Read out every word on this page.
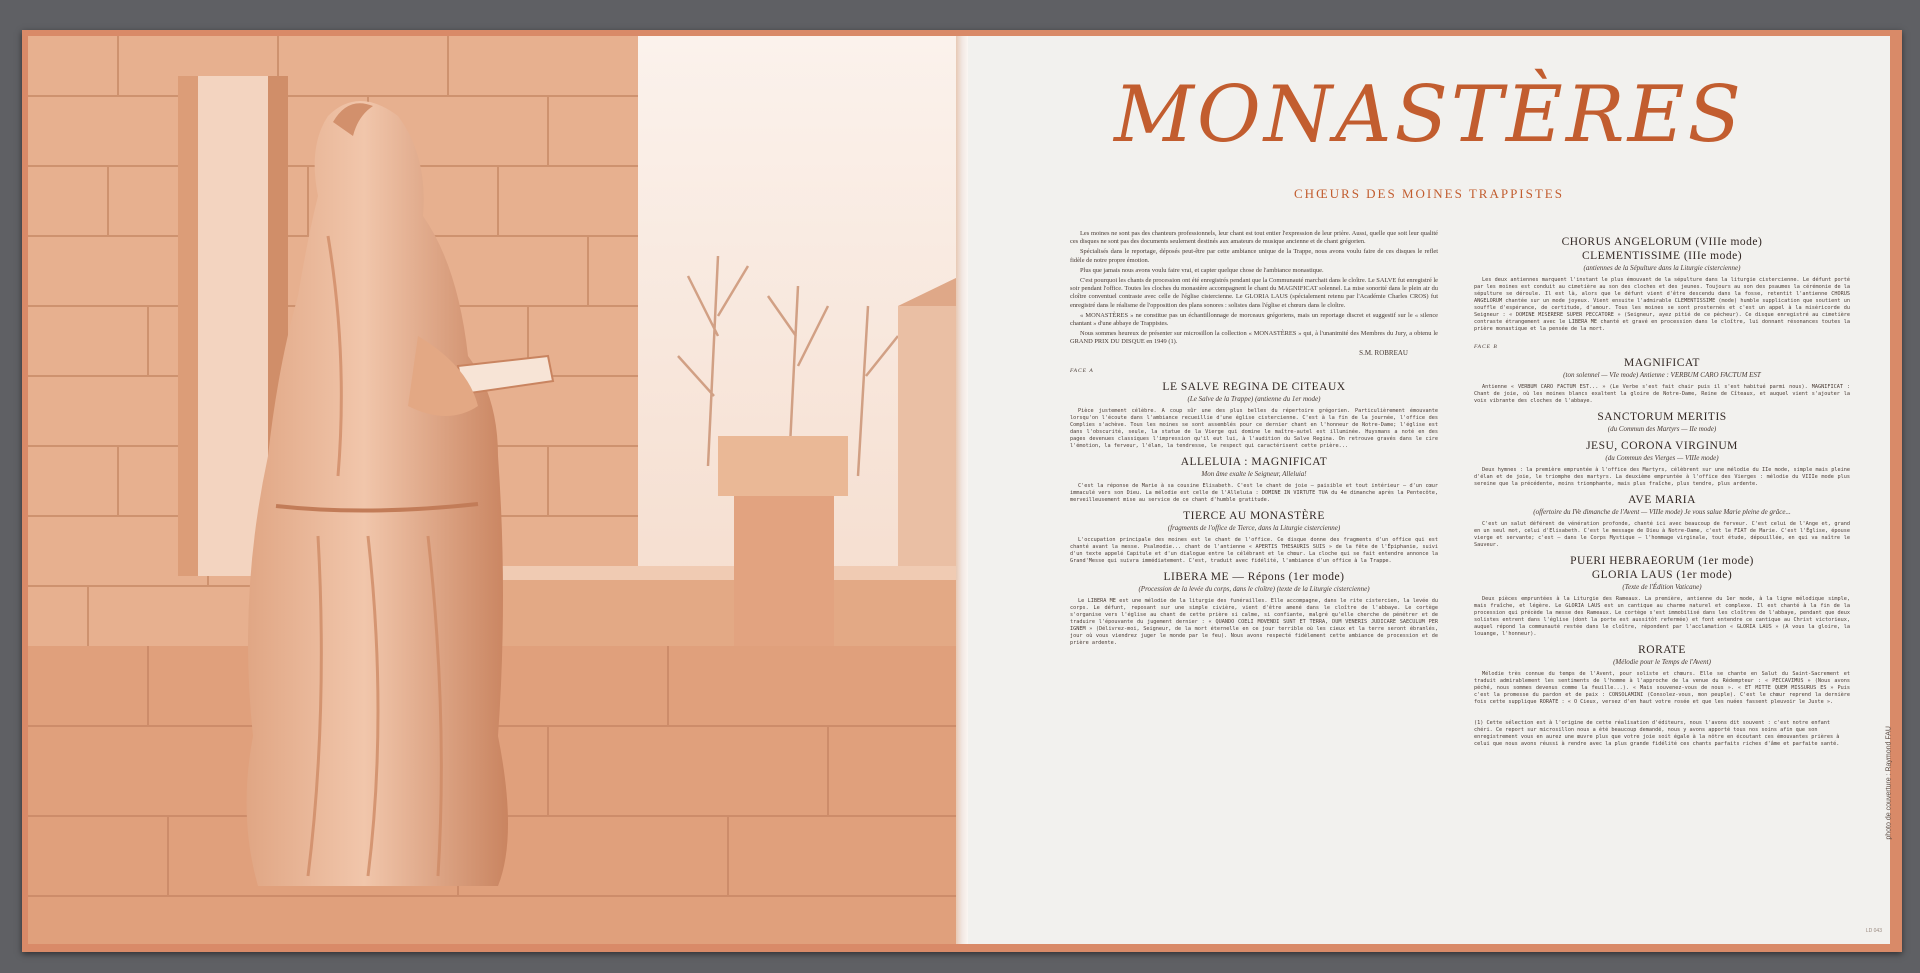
MONASTÈRES
CHŒURS DES MOINES TRAPPISTES

Les moines ne sont pas des chanteurs professionnels, leur chant est tout entier l'expression de leur prière. Aussi, quelle que soit leur qualité ces disques ne sont pas des documents seulement destinés aux amateurs de musique ancienne et de chant grégorien.

Spécialisés dans le reportage, déposés peut-être par cette ambiance unique de la Trappe, nous avons voulu faire de ces disques le reflet fidèle de notre propre émotion.

Plus que jamais nous avons voulu faire vrai, et capter quelque chose de l'ambiance monastique.

C'est pourquoi les chants de procession ont été enregistrés pendant que la Communauté marchait dans le cloître. Le SALVE fut enregistré le soir pendant l'office. Toutes les cloches du monastère accompagnent le chant du MAGNIFICAT solennel. La mise sonorité dans le plein air du cloître conventuel contraste avec celle de l'église cistercienne. Le GLORIA LAUS (spécialement retenu par l'Académie Charles CROS) fut enregistré dans le réalisme de l'opposition des plans sonores : solistes dans l'église et chœurs dans le cloître.

« MONASTÈRES » ne constitue pas un échantillonnage de morceaux grégoriens, mais un reportage discret et suggestif sur le « silence chantant » d'une abbaye de Trappistes.

Nous sommes heureux de présenter sur microsillon la collection « MONASTÈRES » qui, à l'unanimité des Membres du Jury, a obtenu le GRAND PRIX DU DISQUE en 1949 (1).

S.M. ROBREAU
FACE A
LE SALVE REGINA DE CITEAUX
(Le Salve de la Trappe) (antienne du 1er mode)

Pièce justement célèbre. A coup sûr une des plus belles du répertoire grégorien. Particulièrement émouvante lorsqu'on l'écoute dans l'ambiance recueillie d'une église cistercienne. C'est à la fin de la journée, l'office des Complies s'achève. Tous les moines se sont assemblés pour ce dernier chant en l'honneur de Notre-Dame; l'église est dans l'obscurité, seule, la statue de la Vierge qui domine le maître-autel est illuminée. Huysmans a noté en des pages devenues classiques l'impression qu'il eut lui, à l'audition du Salve Regina. On retrouve gravés dans le cire l'émotion, la ferveur, l'élan, la tendresse, le respect qui caractérisent cette prière...

ALLELUIA : MAGNIFICAT
Mon âme exalte le Seigneur, Alleluia!

C'est la réponse de Marie à sa cousine Elisabeth. C'est le chant de joie — paisible et tout intérieur — d'un cœur immaculé vers son Dieu. La mélodie est celle de l'Alleluia : DOMINE IN VIRTUTE TUA du 4e dimanche après la Pentecôte, merveilleusement mise au service de ce chant d'humble gratitude.

TIERCE AU MONASTÈRE
(fragments de l'office de Tierce, dans la Liturgie cistercienne)

L'occupation principale des moines est le chant de l'office. Ce disque donne des fragments d'un office qui est chanté avant la messe. Psalmodie... chant de l'antienne « APERTIS THESAURIS SUIS » de la fête de l'Épiphanie, suivi d'un texte appelé Capitule et d'un dialogue entre le célébrant et le chœur. La cloche qui se fait entendre annonce la Grand'Messe qui suivra immédiatement. C'est, traduit avec fidélité, l'ambiance d'un office à la Trappe.

LIBERA ME — Répons (1er mode)
(Procession de la levée du corps, dans le cloître) (texte de la Liturgie cistercienne)

Le LIBERA ME est une mélodie de la liturgie des funérailles. Elle accompagne, dans le rite cistercien, la levée du corps. Le défunt, reposant sur une simple civière, vient d'être amené dans le cloître de l'abbaye. Le cortège s'organise vers l'église au chant de cette prière si calme, si confiante, malgré qu'elle cherche de pénétrer et de traduire l'épouvante du jugement dernier : « QUANDO COELI MOVENDI SUNT ET TERRA, DUM VENERIS JUDICARE SAECULUM PER IGNEM » (Délivrez-moi, Seigneur, de la mort éternelle en ce jour terrible où les cieux et la terre seront ébranlés, jour où vous viendrez juger le monde par le feu). Nous avons respecté fidèlement cette ambiance de procession et de prière ardente.

CHORUS ANGELORUM (VIIIe mode)
CLEMENTISSIME (IIIe mode)
(antiennes de la Sépulture dans la Liturgie cistercienne)

Les deux antiennes marquent l'instant le plus émouvant de la sépulture dans la liturgie cistercienne. Le défunt porté par les moines est conduit au cimetière au son des cloches et des jeunes. Toujours au son des psaumes la cérémonie de la sépulture se déroule. Il est là, alors que le défunt vient d'être descendu dans la fosse, retentit l'antienne CHORUS ANGELORUM chantée sur un mode joyeux. Vient ensuite l'admirable CLEMENTISSIME (mode) humble supplication que soutient un souffle d'espérance, de certitude, d'amour. Tous les moines se sont prosternés et c'est un appel à la miséricorde du Seigneur : « DOMINE MISERERE SUPER PECCATORE » (Seigneur, ayez pitié de ce pécheur). Ce disque enregistré au cimetière contraste étrangement avec le LIBERA ME chanté et gravé en procession dans le cloître, lui donnant résonances toutes la prière monastique et la pensée de la mort.

FACE B
MAGNIFICAT
(ton solennel — VIe mode) Antienne : VERBUM CARO FACTUM EST

Antienne « VERBUM CARO FACTUM EST... » (Le Verbe s'est fait chair puis il s'est habitué parmi nous). MAGNIFICAT : Chant de joie, où les moines blancs exaltent la gloire de Notre-Dame, Reine de Cîteaux, et auquel vient s'ajouter la voix vibrante des cloches de l'abbaye.

SANCTORUM MERITIS
(du Commun des Martyrs — IIe mode)
JESU, CORONA VIRGINUM
(du Commun des Vierges — VIIIe mode)

Deux hymnes : la première empruntée à l'office des Martyrs, célèbrent sur une mélodie du IIe mode, simple mais pleine d'élan et de joie, le triomphe des martyrs. La deuxième empruntée à l'office des Vierges : mélodie du VIIIe mode plus sereine que la précédente, moins triomphante, mais plus fraîche, plus tendre, plus ardente.

AVE MARIA
(offertoire du IVe dimanche de l'Avent — VIIIe mode) Je vous salue Marie pleine de grâce...

C'est un salut déférent de vénération profonde, chanté ici avec beaucoup de ferveur. C'est celui de l'Ange et, grand en un seul mot, celui d'Elisabeth. C'est le message de Dieu à Notre-Dame, c'est le FIAT de Marie. C'est l'Église, épouse vierge et servante; c'est — dans le Corps Mystique — l'hommage virginale, tout étude, dépouillée, en qui va naître le Sauveur.

PUERI HEBRAEORUM (1er mode)
GLORIA LAUS (1er mode)
(Texte de l'Édition Vaticane)

Deux pièces empruntées à la Liturgie des Rameaux. La première, antienne du 1er mode, à la ligne mélodique simple, mais fraîche, et légère. Le GLORIA LAUS est un cantique au charme naturel et complexe. Il est chanté à la fin de la procession qui précède la messe des Rameaux. Le cortège s'est immobilisé dans les cloîtres de l'abbaye, pendant que deux solistes entrent dans l'église (dont la porte est aussitôt refermée) et font entendre ce cantique au Christ victorieux, auquel répond la communauté restée dans le cloître, répondent par l'acclamation « GLORIA LAUS » (A vous la gloire, la louange, l'honneur).

RORATE
(Mélodie pour le Temps de l'Avent)

Mélodie très connue du temps de l'Avent, pour soliste et chœurs. Elle se chante en Salut du Saint-Sacrement et traduit admirablement les sentiments de l'homme à l'approche de la venue du Rédempteur : « PECCAVIMUS » (Nous avons péché, nous sommes devenus comme la feuille...). « Mais souvenez-vous de nous ». « ET MITTE QUEM MISSURUS ES » Puis c'est la promesse du pardon et de paix : CONSOLAMINI (Consolez-vous, mon peuple). C'est le chœur reprend la dernière fois cette supplique RORATE : « O Cieux, versez d'en haut votre rosée et que les nuées fassent pleuvoir le Juste ».

(1) Cette sélection est à l'origine de cette réalisation d'éditeurs, nous l'avons dit souvent : c'est notre enfant chéri. Ce report sur microsillon nous a été beaucoup demandé, nous y avons apporté tous nos soins afin que son enregistrement vous en aurez une œuvre plus que votre joie soit égale à la nôtre en écoutant ces émouvantes prières à celui que nous avons réussi à rendre avec la plus grande fidélité ces chants parfaits riches d'âme et parfaite santé.	photo de couverture : Raymond FAU
LD 043
